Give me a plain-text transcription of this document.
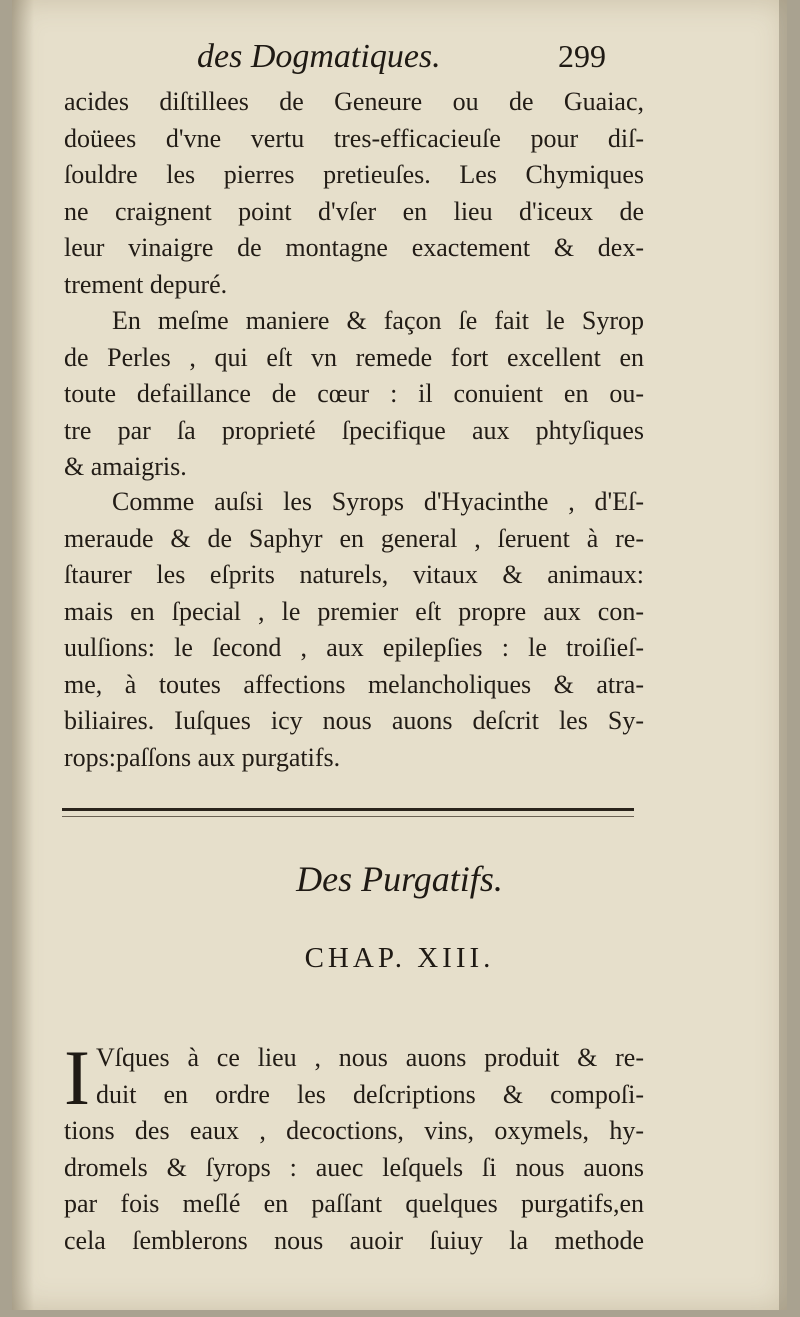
des Dogmatiques.	299
acides diſtillees de Geneure ou de Guaiac,
doüees d'vne vertu tres-efficacieuſe pour diſ-
ſouldre les pierres pretieuſes. Les Chymiques
ne craignent point d'vſer en lieu d'iceux de
leur vinaigre de montagne exactement & dex-
trement depuré.
En meſme maniere & façon ſe fait le Syrop
de Perles , qui eſt vn remede fort excellent en
toute defaillance de cœur : il conuient en ou-
tre par ſa proprieté ſpecifique aux phtyſiques
& amaigris.
Comme auſsi les Syrops d'Hyacinthe , d'Eſ-
meraude & de Saphyr en general , ſeruent à re-
ſtaurer les eſprits naturels, vitaux & animaux:
mais en ſpecial , le premier eſt propre aux con-
uulſions: le ſecond , aux epilepſies : le troiſieſ-
me, à toutes affections melancholiques & atra-
biliaires. Iuſques icy nous auons deſcrit les Sy-
rops:paſſons aux purgatifs.
Des Purgatifs.
CHAP. XIII.
I Vſques à ce lieu , nous auons produit & re-
duit en ordre les deſcriptions & compoſi-
tions des eaux , decoctions, vins, oxymels, hy-
dromels & ſyrops : auec leſquels ſi nous auons
par fois meſlé en paſſant quelques purgatifs,en
cela ſemblerons nous auoir ſuiuy la methode
